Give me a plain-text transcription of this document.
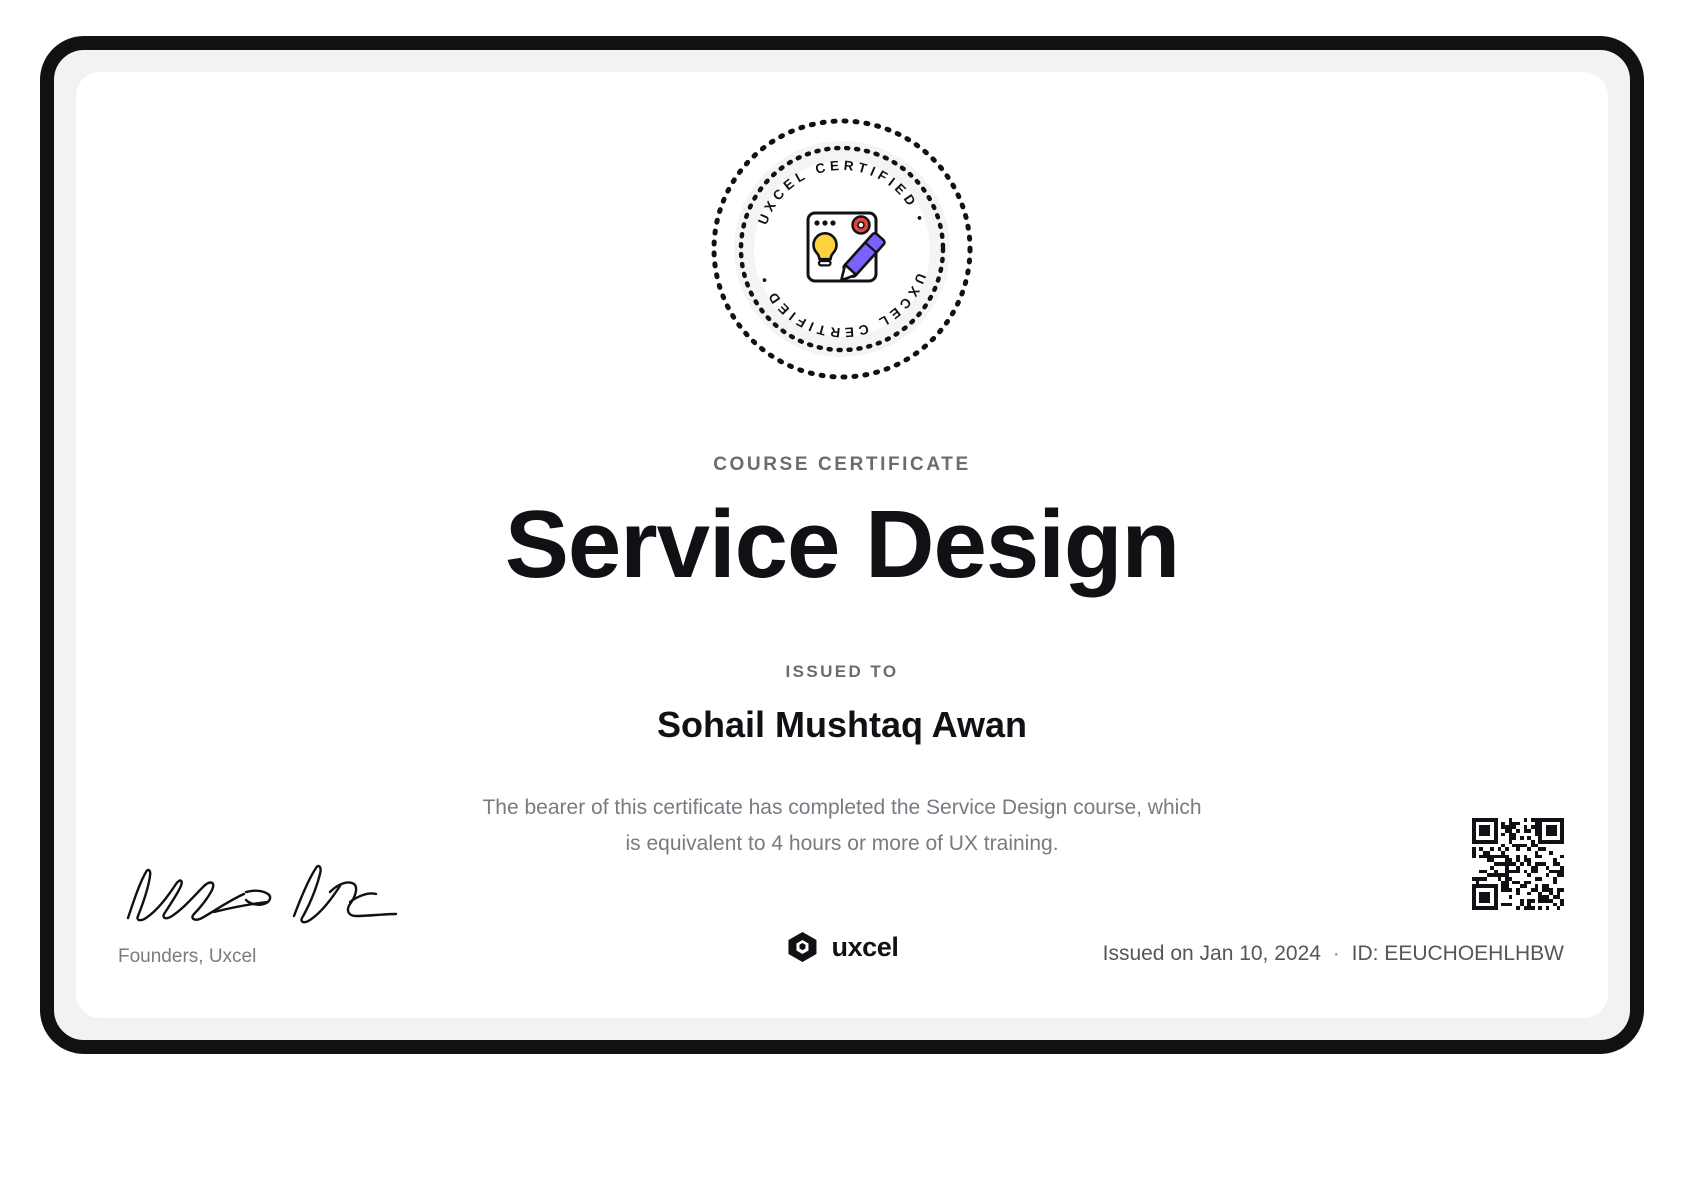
UXCEL CERTIFIED •
UXCEL CERTIFIED •
COURSE CERTIFICATE
Service Design
ISSUED TO
Sohail Mushtaq Awan
The bearer of this certificate has completed the Service Design course, which
is equivalent to 4 hours or more of UX training.
Founders, Uxcel	uxcel	Issued on Jan 10, 2024 · ID: EEUCHOEHLHBW
